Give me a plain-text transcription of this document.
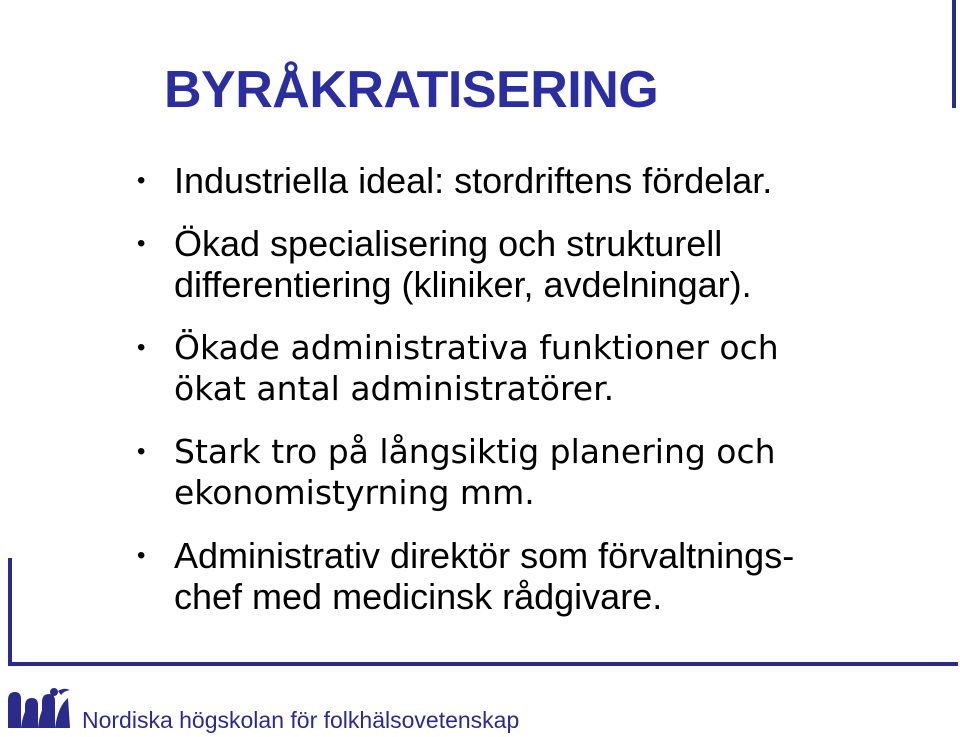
BYRÅKRATISERING
• Industriella ideal: stordriftens fördelar.
• Ökad specialisering och strukturell
differentiering (kliniker, avdelningar).
• Ökade administrativa funktioner och
ökat antal administratörer.
• Stark tro på långsiktig planering och
ekonomistyrning mm.
• Administrativ direktör som förvaltnings-
chef med medicinsk rådgivare.
Nordiska högskolan för folkhälsovetenskap
